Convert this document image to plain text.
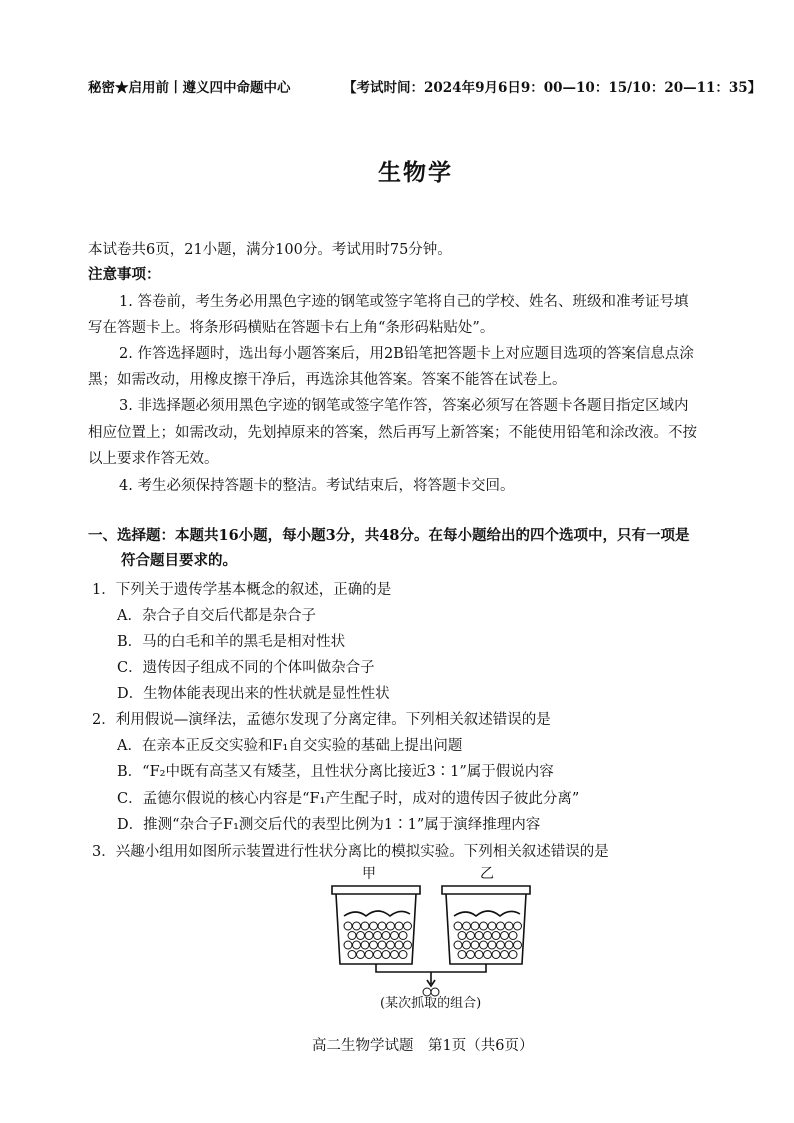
秘密★启用前丨遵义四中命题中心	【考试时间：2024年9月6日9：00—10：15/10：20—11：35】
生物学
本试卷共6页，21小题，满分100分。考试用时75分钟。
注意事项：
1. 答卷前，考生务必用黑色字迹的钢笔或签字笔将自己的学校、姓名、班级和准考证号填
写在答题卡上。将条形码横贴在答题卡右上角“条形码粘贴处”。
2. 作答选择题时，选出每小题答案后，用2B铅笔把答题卡上对应题目选项的答案信息点涂
黑；如需改动，用橡皮擦干净后，再选涂其他答案。答案不能答在试卷上。
3. 非选择题必须用黑色字迹的钢笔或签字笔作答，答案必须写在答题卡各题目指定区域内
相应位置上；如需改动，先划掉原来的答案，然后再写上新答案；不能使用铅笔和涂改液。不按
以上要求作答无效。
4. 考生必须保持答题卡的整洁。考试结束后，将答题卡交回。
一、选择题：本题共16小题，每小题3分，共48分。在每小题给出的四个选项中，只有一项是
符合题目要求的。
1．下列关于遗传学基本概念的叙述，正确的是
A．杂合子自交后代都是杂合子
B．马的白毛和羊的黑毛是相对性状
C．遗传因子组成不同的个体叫做杂合子
D．生物体能表现出来的性状就是显性性状
2．利用假说—演绎法，孟德尔发现了分离定律。下列相关叙述错误的是
A．在亲本正反交实验和F₁自交实验的基础上提出问题
B．“F₂中既有高茎又有矮茎，且性状分离比接近3∶1”属于假说内容
C．孟德尔假说的核心内容是“F₁产生配子时，成对的遗传因子彼此分离”
D．推测“杂合子F₁测交后代的表型比例为1∶1”属于演绎推理内容
3．兴趣小组用如图所示装置进行性状分离比的模拟实验。下列相关叙述错误的是
甲	乙
(某次抓取的组合)
高二生物学试题　第1页（共6页）
